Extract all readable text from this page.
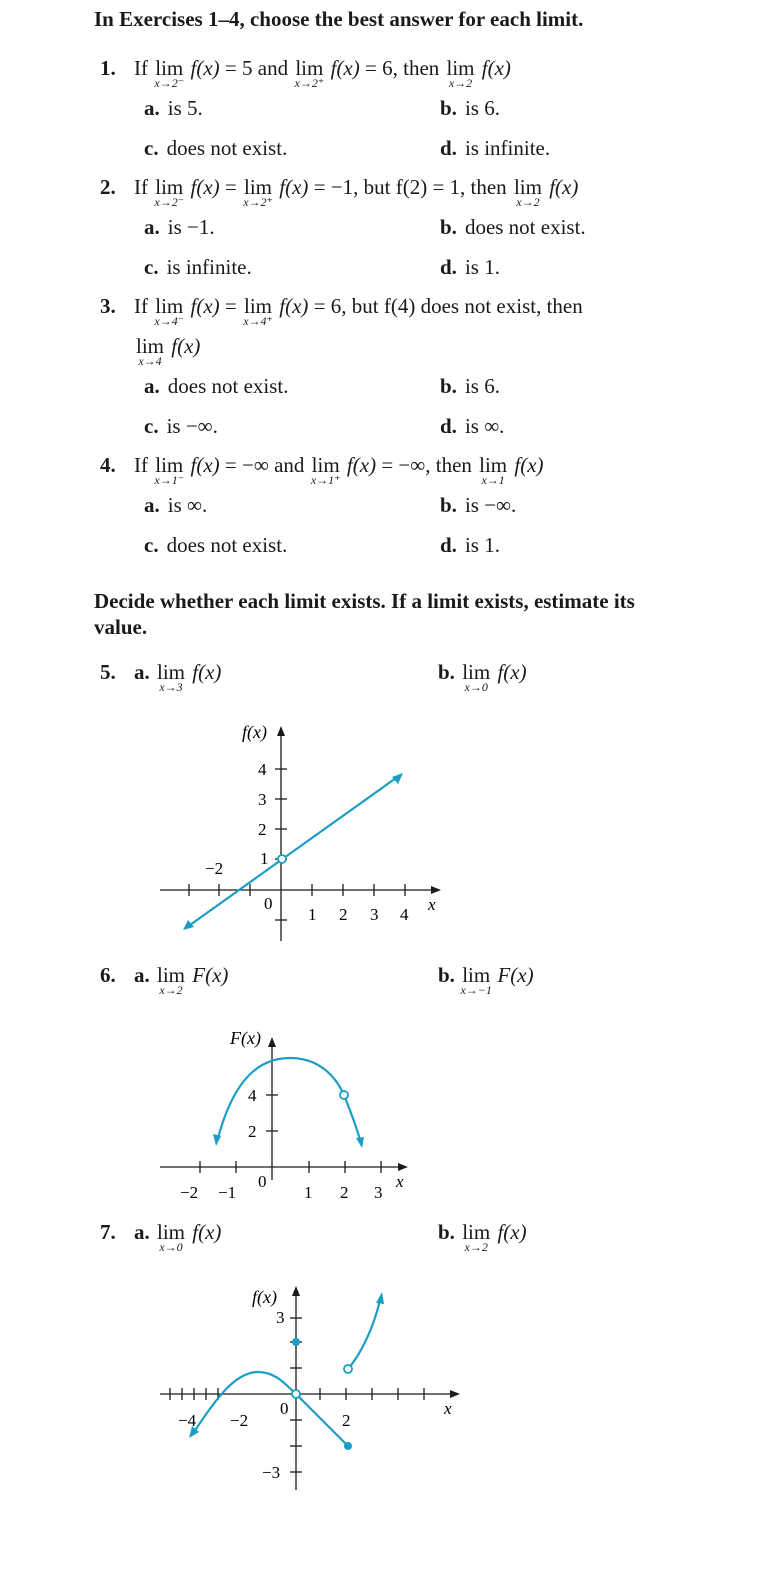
In Exercises 1–4, choose the best answer for each limit.
1. If lim
x→2⁻
f(x) = 5 and lim
x→2⁺
f(x) = 6, then lim
x→2
f(x)
a. is 5.	b. is 6.
c. does not exist.	d. is infinite.
2. If lim
x→2⁻
f(x) = lim
x→2⁺
f(x) = −1, but f(2) = 1, then lim
x→2
f(x)
a. is −1.	b. does not exist.
c. is infinite.	d. is 1.
3. If lim
x→4⁻
f(x) = lim
x→4⁺
f(x) = 6, but f(4) does not exist, then
lim
x→4
f(x)
a. does not exist.	b. is 6.
c. is −∞.	d. is ∞.
4. If lim
x→1⁻
f(x) = −∞ and lim
x→1⁺
f(x) = −∞, then lim
x→1
f(x)
a. is ∞.	b. is −∞.
c. does not exist.	d. is 1.
Decide whether each limit exists. If a limit exists, estimate its
value.
5. a. lim
x→3
f(x)	b. lim
x→0
f(x)
f(x)
x
0
−2
1 2 3 4
4
3
2
1
6. a. lim
x→2
F(x)	b. lim
x→−1
F(x)
F(x)
x
0
−2 −1	1 2 3
2
4
7. a. lim
x→0
f(x)	b. lim
x→2
f(x)
f(x)
x
0
−4 −2	2
3
−3
